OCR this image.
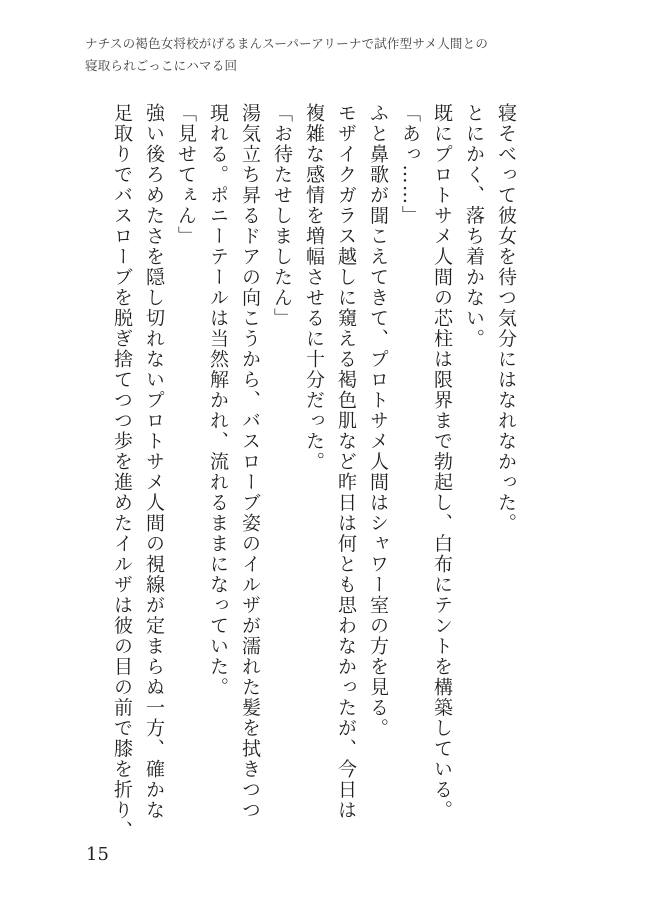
ナチスの褐色女将校がげるまんスーパーアリーナで試作型サメ人間との
寝取られごっこにハマる回
寝そべって彼女を待つ気分にはなれなかった。
とにかく、落ち着かない。
既にプロトサメ人間の芯柱は限界まで勃起し、白布にテントを構築している。
「あっ……」
ふと鼻歌が聞こえてきて、プロトサメ人間はシャワー室の方を見る。
モザイクガラス越しに窺える褐色肌など昨日は何とも思わなかったが、今日は
複雑な感情を増幅させるに十分だった。
「お待たせしましたん」
湯気立ち昇るドアの向こうから、バスローブ姿のイルザが濡れた髪を拭きつつ
現れる。ポニーテールは当然解かれ、流れるままになっていた。
「見せてぇん」
強い後ろめたさを隠し切れないプロトサメ人間の視線が定まらぬ一方、確かな
足取りでバスローブを脱ぎ捨てつつ歩を進めたイルザは彼の目の前で膝を折り、
15
